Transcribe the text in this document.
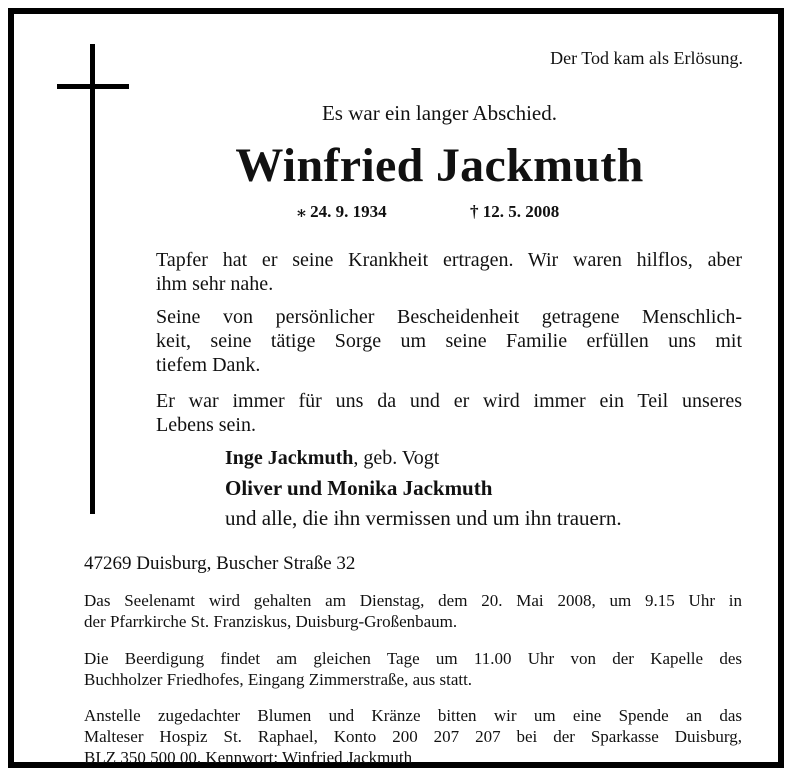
Der Tod kam als Erlösung.
Es war ein langer Abschied.
Winfried Jackmuth
⁎ 24. 9. 1934	† 12. 5. 2008
Tapfer hat er seine Krankheit ertragen. Wir waren hilflos, aber
ihm sehr nahe.
Seine von persönlicher Bescheidenheit getragene Menschlich-
keit, seine tätige Sorge um seine Familie erfüllen uns mit
tiefem Dank.
Er war immer für uns da und er wird immer ein Teil unseres
Lebens sein.
Inge Jackmuth, geb. Vogt
Oliver und Monika Jackmuth
und alle, die ihn vermissen und um ihn trauern.
47269 Duisburg, Buscher Straße 32
Das Seelenamt wird gehalten am Dienstag, dem 20. Mai 2008, um 9.15 Uhr in
der Pfarrkirche St. Franziskus, Duisburg-Großenbaum.
Die Beerdigung findet am gleichen Tage um 11.00 Uhr von der Kapelle des
Buchholzer Friedhofes, Eingang Zimmerstraße, aus statt.
Anstelle zugedachter Blumen und Kränze bitten wir um eine Spende an das
Malteser Hospiz St. Raphael, Konto 200 207 207 bei der Sparkasse Duisburg,
BLZ 350 500 00. Kennwort: Winfried Jackmuth
